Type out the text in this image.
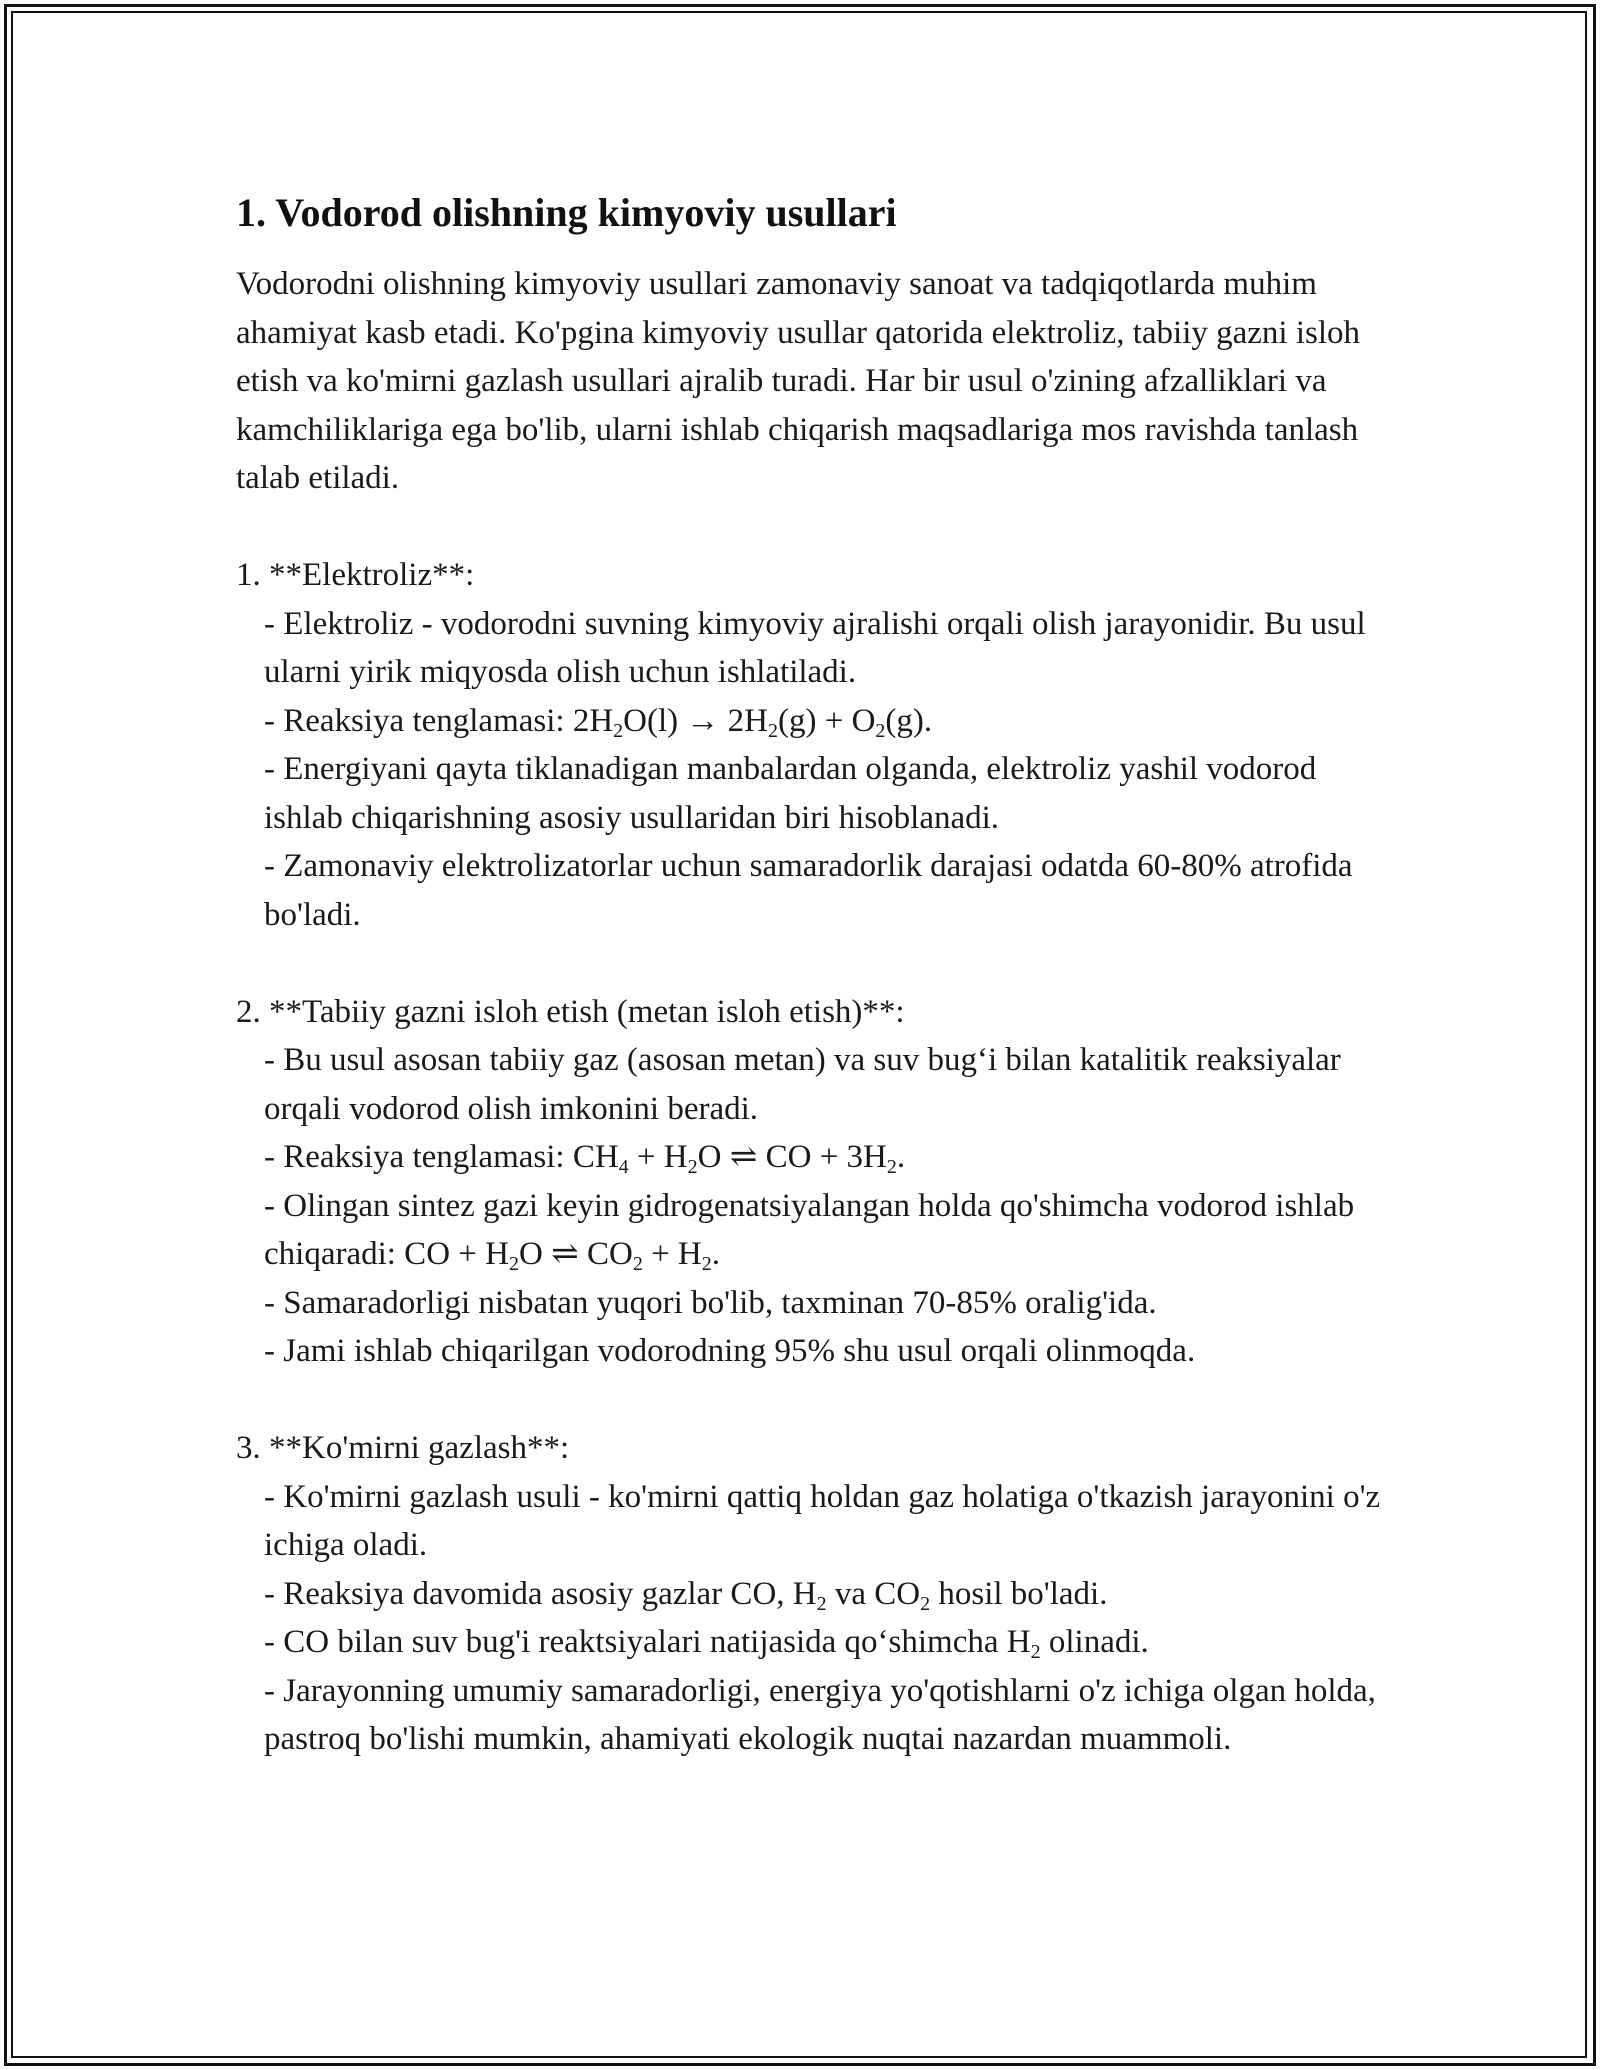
1. Vodorod olishning kimyoviy usullari

Vodorodni olishning kimyoviy usullari zamonaviy sanoat va tadqiqotlarda muhim ahamiyat kasb etadi. Ko'pgina kimyoviy usullar qatorida elektroliz, tabiiy gazni isloh etish va ko'mirni gazlash usullari ajralib turadi. Har bir usul o'zining afzalliklari va kamchiliklariga ega bo'lib, ularni ishlab chiqarish maqsadlariga mos ravishda tanlash talab etiladi.

1. **Elektroliz**:

- Elektroliz - vodorodni suvning kimyoviy ajralishi orqali olish jarayonidir. Bu usul ularni yirik miqyosda olish uchun ishlatiladi.

- Reaksiya tenglamasi: $2H_2O(l) \to 2H_2(g) + O_2(g)$.

- Energiyani qayta tiklanadigan manbalardan olganda, elektroliz yashil vodorod ishlab chiqarishning asosiy usullaridan biri hisoblanadi.

- Zamonaviy elektrolizatorlar uchun samaradorlik darajasi odatda 60-80% atrofida bo'ladi.

2. **Tabiiy gazni isloh etish (metan isloh etish)**:

- Bu usul asosan tabiiy gaz (asosan metan) va suv bug‘i bilan katalitik reaksiyalar orqali vodorod olish imkonini beradi.

- Reaksiya tenglamasi: $CH_4 + H_2O$ ⇌ CO + $3H_2$.

- Olingan sintez gazi keyin gidrogenatsiyalangan holda qo'shimcha vodorod ishlab chiqaradi: CO + $H_2O$ ⇌ $CO_2 + H_2$.

- Samaradorligi nisbatan yuqori bo'lib, taxminan 70-85% oralig'ida.

- Jami ishlab chiqarilgan vodorodning 95% shu usul orqali olinmoqda.

3. **Ko'mirni gazlash**:

- Ko'mirni gazlash usuli - ko'mirni qattiq holdan gaz holatiga o'tkazish jarayonini o'z ichiga oladi.

- Reaksiya davomida asosiy gazlar CO, $H_2$ va $CO_2$ hosil bo'ladi.

- CO bilan suv bug'i reaktsiyalari natijasida qo‘shimcha $H_2$ olinadi.

- Jarayonning umumiy samaradorligi, energiya yo'qotishlarni o'z ichiga olgan holda, pastroq bo'lishi mumkin, ahamiyati ekologik nuqtai nazardan muammoli.
